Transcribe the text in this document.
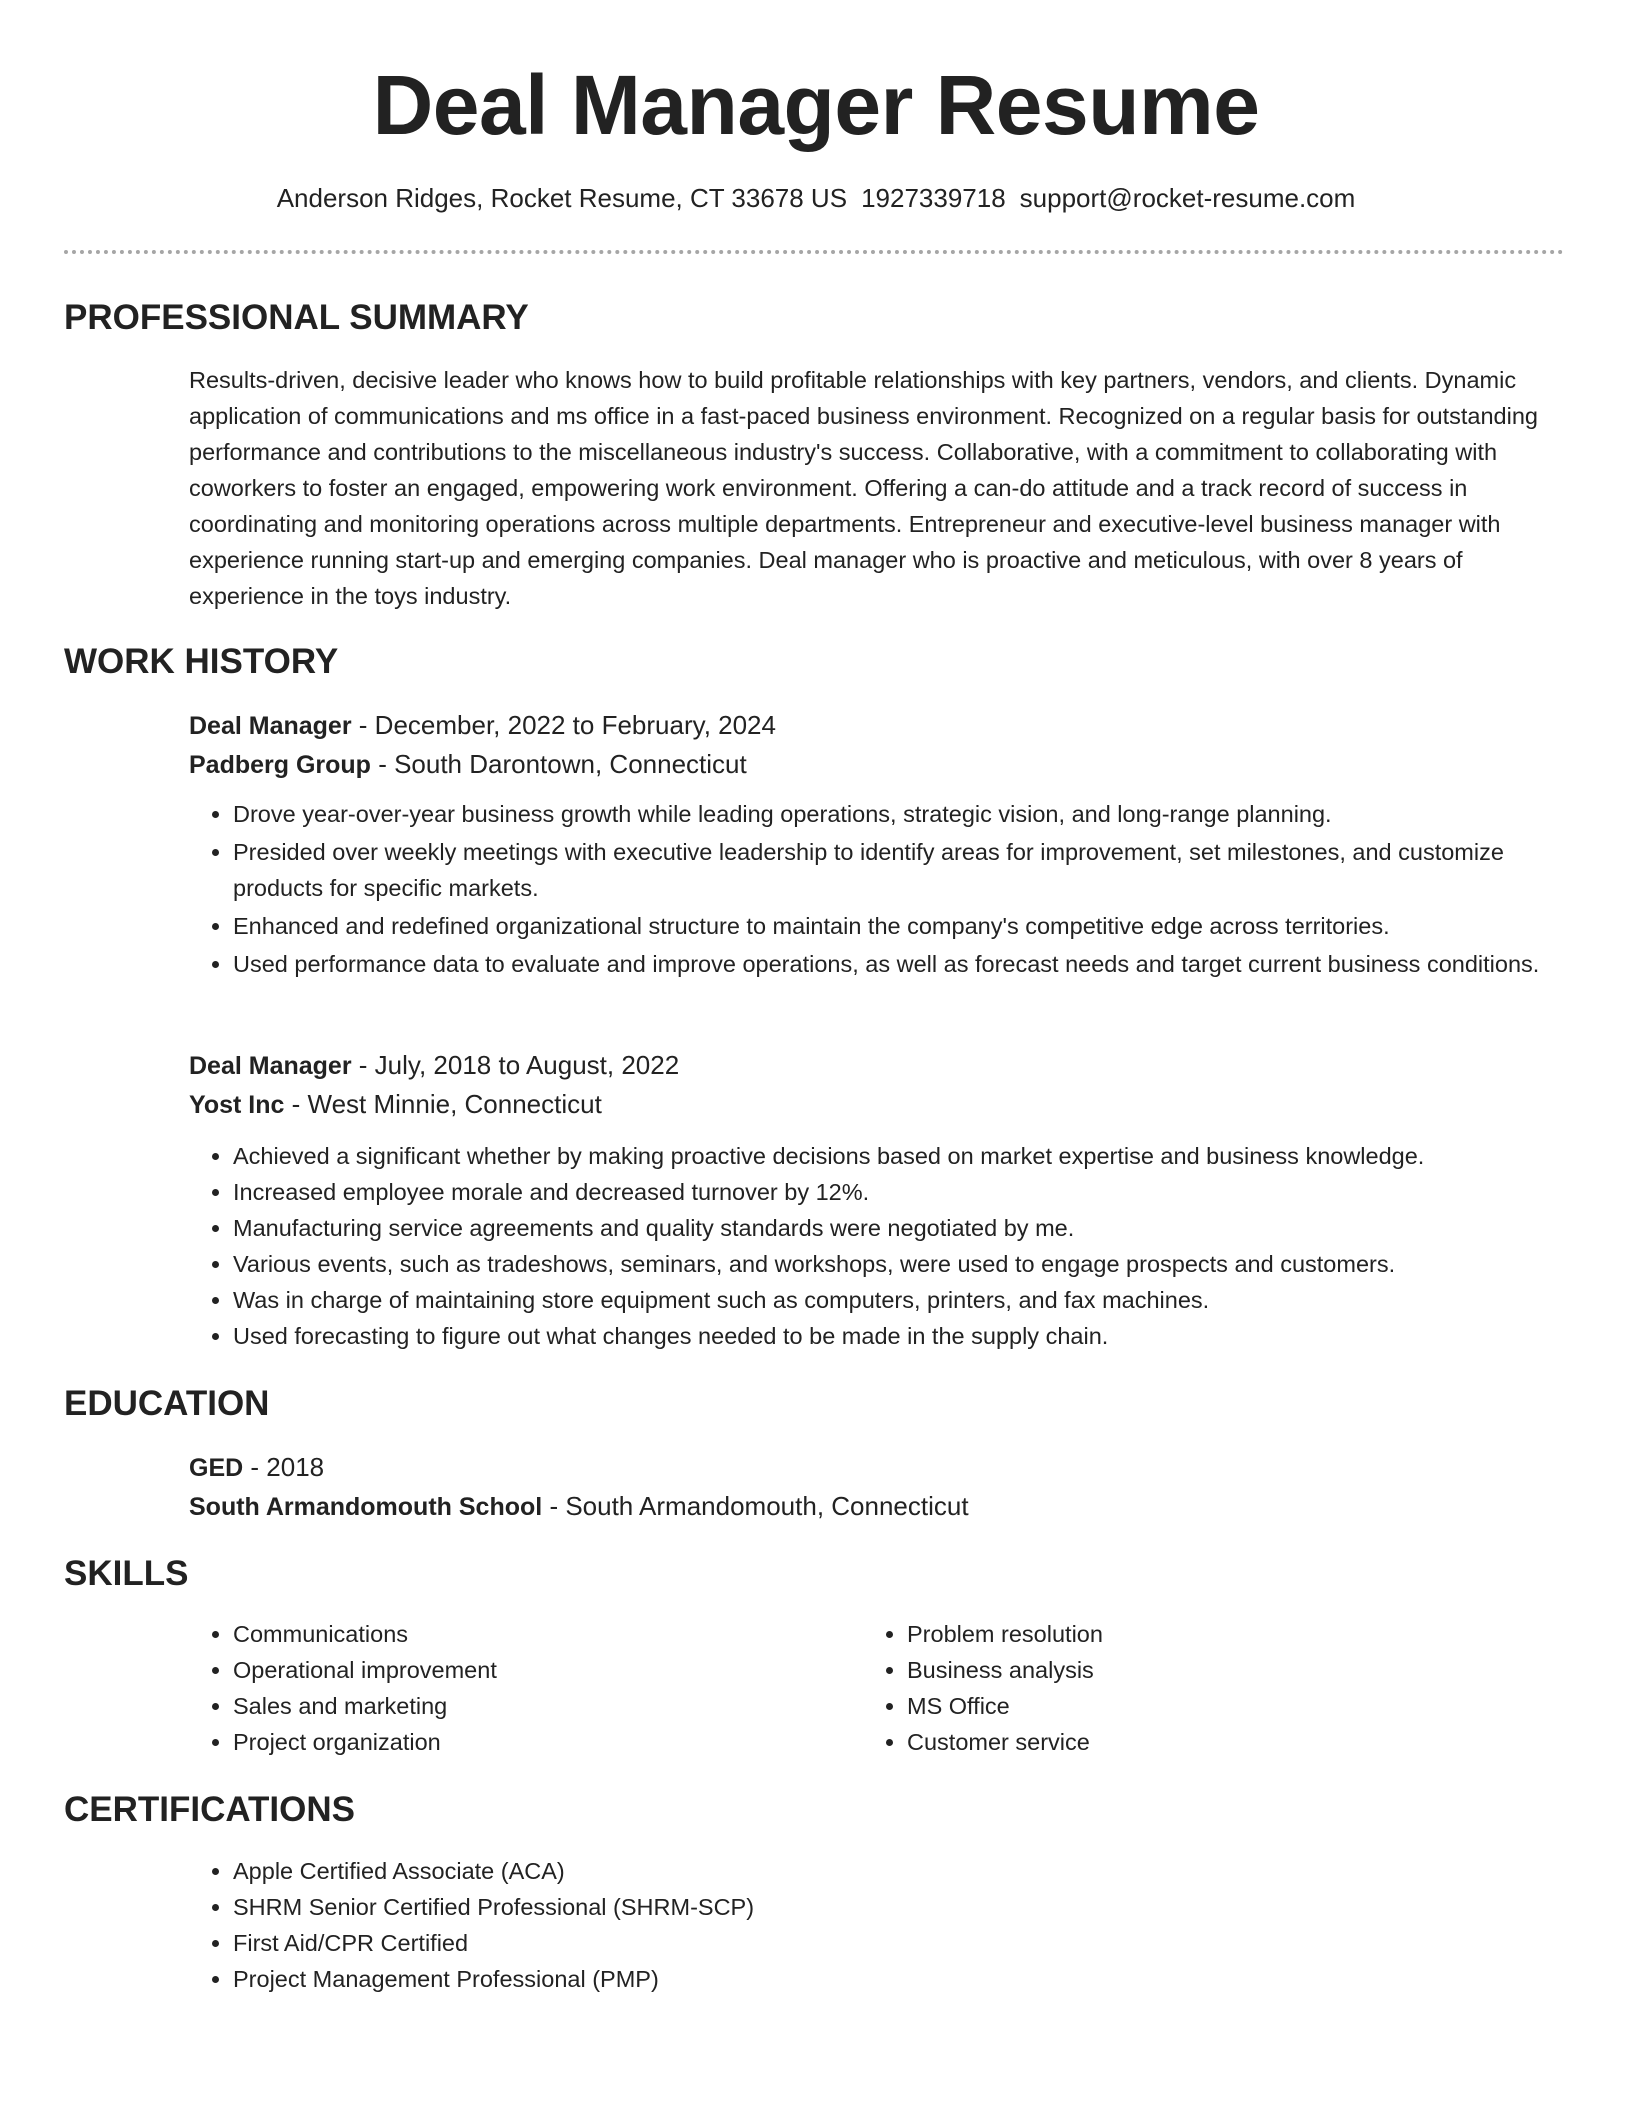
Deal Manager Resume
Anderson Ridges, Rocket Resume, CT 33678 US 1927339718 support@rocket-resume.com
PROFESSIONAL SUMMARY

Results-driven, decisive leader who knows how to build profitable relationships with key partners, vendors, and clients. Dynamic application of communications and ms office in a fast-paced business environment. Recognized on a regular basis for outstanding performance and contributions to the miscellaneous industry's success. Collaborative, with a commitment to collaborating with coworkers to foster an engaged, empowering work environment. Offering a can-do attitude and a track record of success in coordinating and monitoring operations across multiple departments. Entrepreneur and executive-level business manager with experience running start-up and emerging companies. Deal manager who is proactive and meticulous, with over 8 years of experience in the toys industry.

WORK HISTORY

Deal Manager - December, 2022 to February, 2024

Padberg Group - South Darontown, Connecticut

• Drove year-over-year business growth while leading operations, strategic vision, and long-range planning.
• Presided over weekly meetings with executive leadership to identify areas for improvement, set milestones, and customize products for specific markets.
• Enhanced and redefined organizational structure to maintain the company's competitive edge across territories.
• Used performance data to evaluate and improve operations, as well as forecast needs and target current business conditions.

Deal Manager - July, 2018 to August, 2022

Yost Inc - West Minnie, Connecticut

• Achieved a significant whether by making proactive decisions based on market expertise and business knowledge.
• Increased employee morale and decreased turnover by 12%.
• Manufacturing service agreements and quality standards were negotiated by me.
• Various events, such as tradeshows, seminars, and workshops, were used to engage prospects and customers.
• Was in charge of maintaining store equipment such as computers, printers, and fax machines.
• Used forecasting to figure out what changes needed to be made in the supply chain.
EDUCATION

GED - 2018

South Armandomouth School - South Armandomouth, Connecticut

SKILLS
• Communications
• Operational improvement
• Sales and marketing
• Project organization
• Problem resolution
• Business analysis
• MS Office
• Customer service
CERTIFICATIONS
• Apple Certified Associate (ACA)
• SHRM Senior Certified Professional (SHRM-SCP)
• First Aid/CPR Certified
• Project Management Professional (PMP)
